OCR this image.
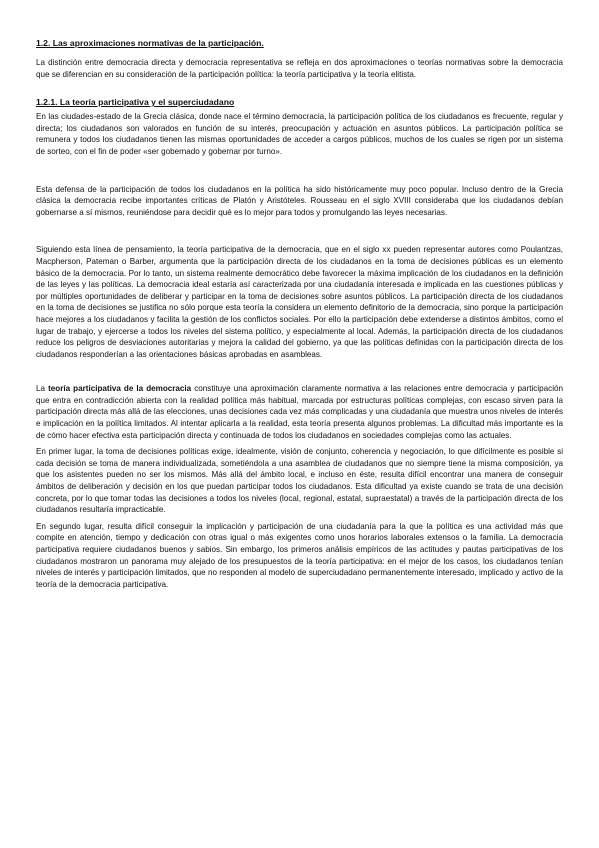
1.2. Las aproximaciones normativas de la participación.

La distinción entre democracia directa y democracia representativa se refleja en dos aproximaciones o teorías normativas sobre la democracia que se diferencian en su consideración de la participación política: la teoría participativa y la teoría elitista.

1.2.1. La teoría participativa y el superciudadano

En las ciudades-estado de la Grecia clásica, donde nace el término democracia, la participación política de los ciudadanos es frecuente, regular y directa; los ciudadanos son valorados en función de su interés, preocupación y actuación en asuntos públicos. La participación política se remunera y todos los ciudadanos tienen las mismas oportunidades de acceder a cargos públicos, muchos de los cuales se rigen por un sistema de sorteo, con el fin de poder «ser gobernado y gobernar por turno».

Esta defensa de la participación de todos los ciudadanos en la política ha sido históricamente muy poco popular. Incluso dentro de la Grecia clásica la democracia recibe importantes críticas de Platón y Aristóteles. Rousseau en el siglo XVIII consideraba que los ciudadanos debían gobernarse a sí mismos, reuniéndose para decidir qué es lo mejor para todos y promulgando las leyes necesarias.

Siguiendo esta línea de pensamiento, la teoría participativa de la democracia, que en el siglo xx pueden representar autores como Poulantzas, Macpherson, Pateman o Barber, argumenta que la participación directa de los ciudadanos en la toma de decisiones públicas es un elemento básico de la democracia. Por lo tanto, un sistema realmente democrático debe favorecer la máxima implicación de los ciudadanos en la definición de las leyes y las políticas. La democracia ideal estaría así caracterizada por una ciudadanía interesada e implicada en las cuestiones públicas y por múltiples oportunidades de deliberar y participar en la toma de decisiones sobre asuntos públicos. La participación directa de los ciudadanos en la toma de decisiones se justifica no sólo porque esta teoría la considera un elemento definitorio de la democracia, sino porque la participación hace mejores a los ciudadanos y facilita la gestión de los conflictos sociales. Por ello la participación debe extenderse a distintos ámbitos, como el lugar de trabajo, y ejercerse a todos los niveles del sistema político, y especialmente al local. Además, la participación directa de los ciudadanos reduce los peligros de desviaciones autoritarias y mejora la calidad del gobierno, ya que las políticas definidas con la participación directa de los ciudadanos responderían a las orientaciones básicas aprobadas en asambleas.

La teoría participativa de la democracia constituye una aproximación claramente normativa a las relaciones entre democracia y participación que entra en contradicción abierta con la realidad política más habitual, marcada por estructuras políticas complejas, con escaso sirven para la participación directa más allá de las elecciones, unas decisiones cada vez más complicadas y una ciudadanía que muestra unos niveles de interés e implicación en la política limitados. Al intentar aplicarla a la realidad, esta teoría presenta algunos problemas. La dificultad más importante es la de cómo hacer efectiva esta participación directa y continuada de todos los ciudadanos en sociedades complejas como las actuales.

En primer lugar, la toma de decisiones políticas exige, idealmente, visión de conjunto, coherencia y negociación, lo que difícilmente es posible si cada decisión se toma de manera individualizada, sometiéndola a una asamblea de ciudadanos que no siempre tiene la misma composición, ya que los asistentes pueden no ser los mismos. Más allá del ámbito local, e incluso en éste, resulta difícil encontrar una manera de conseguir ámbitos de deliberación y decisión en los que puedan participar todos los ciudadanos. Esta dificultad ya existe cuando se trata de una decisión concreta, por lo que tomar todas las decisiones a todos los niveles (local, regional, estatal, supraestatal) a través de la participación directa de los ciudadanos resultaría impracticable.

En segundo lugar, resulta difícil conseguir la implicación y participación de una ciudadanía para la que la política es una actividad más que compite en atención, tiempo y dedicación con otras igual o más exigentes como unos horarios laborales extensos o la familia. La democracia participativa requiere ciudadanos buenos y sabios. Sin embargo, los primeros análisis empíricos de las actitudes y pautas participativas de los ciudadanos mostraron un panorama muy alejado de los presupuestos de la teoría participativa: en el mejor de los casos, los ciudadanos tenían niveles de interés y participación limitados, que no responden al modelo de superciudadano permanentemente interesado, implicado y activo de la teoría de la democracia participativa.
